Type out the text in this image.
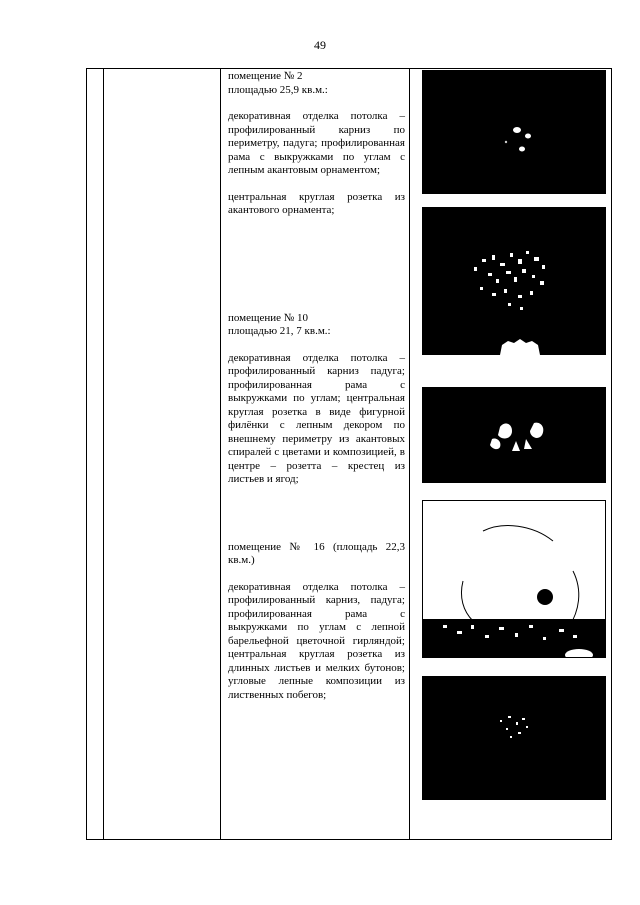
49

помещение № 2

площадью 25,9 кв.м.:

декоративная отделка потолка – профилированный карниз по периметру, падуга; профилированная рама с выкружками по углам с лепным акантовым орнаментом;

центральная круглая розетка из акантового орнамента;

помещение № 10

площадью 21, 7 кв.м.:

декоративная отделка потолка – профилированный карниз падуга; профилированная рама с выкружками по углам; центральная круглая розетка в виде фигурной филёнки с лепным декором по внешнему периметру из акантовых спиралей с цветами и композицией, в центре – розетта – крестец из листьев и ягод;

помещение № 16 (площадь 22,3 кв.м.)

декоративная отделка потолка – профилированный карниз, падуга; профилированная рама с выкружками по углам с лепной барельефной цветочной гирляндой; центральная круглая розетка из длинных листьев и мелких бутонов; угловые лепные композиции из лиственных побегов;
